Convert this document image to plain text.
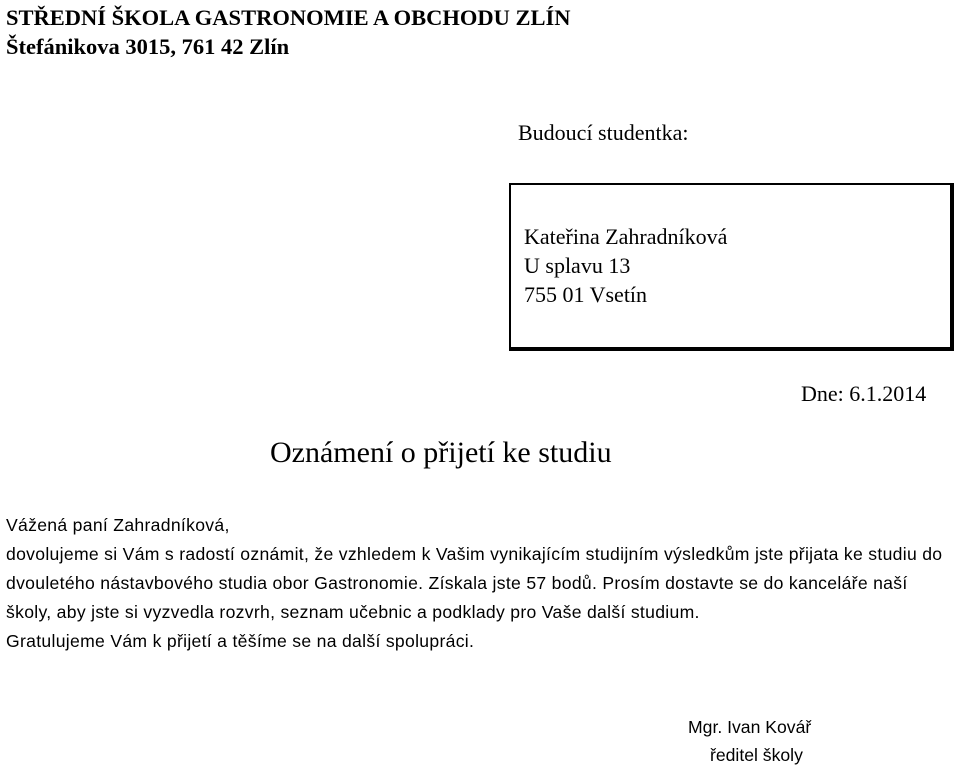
STŘEDNÍ ŠKOLA GASTRONOMIE A OBCHODU ZLÍN
Štefánikova 3015, 761 42 Zlín
Budoucí studentka:
Kateřina Zahradníková
U splavu 13
755 01 Vsetín
Dne: 6.1.2014
Oznámení o přijetí ke studiu

Vážená paní Zahradníková,

dovolujeme si Vám s radostí oznámit, že vzhledem k Vašim vynikajícím studijním výsledkům jste přijata ke studiu do dvouletého nástavbového studia obor Gastronomie. Získala jste 57 bodů. Prosím dostavte se do kanceláře naší školy, aby jste si vyzvedla rozvrh, seznam učebnic a podklady pro Vaše další studium.

Gratulujeme Vám k přijetí a těšíme se na další spolupráci.

Mgr. Ivan Kovář
ředitel školy
